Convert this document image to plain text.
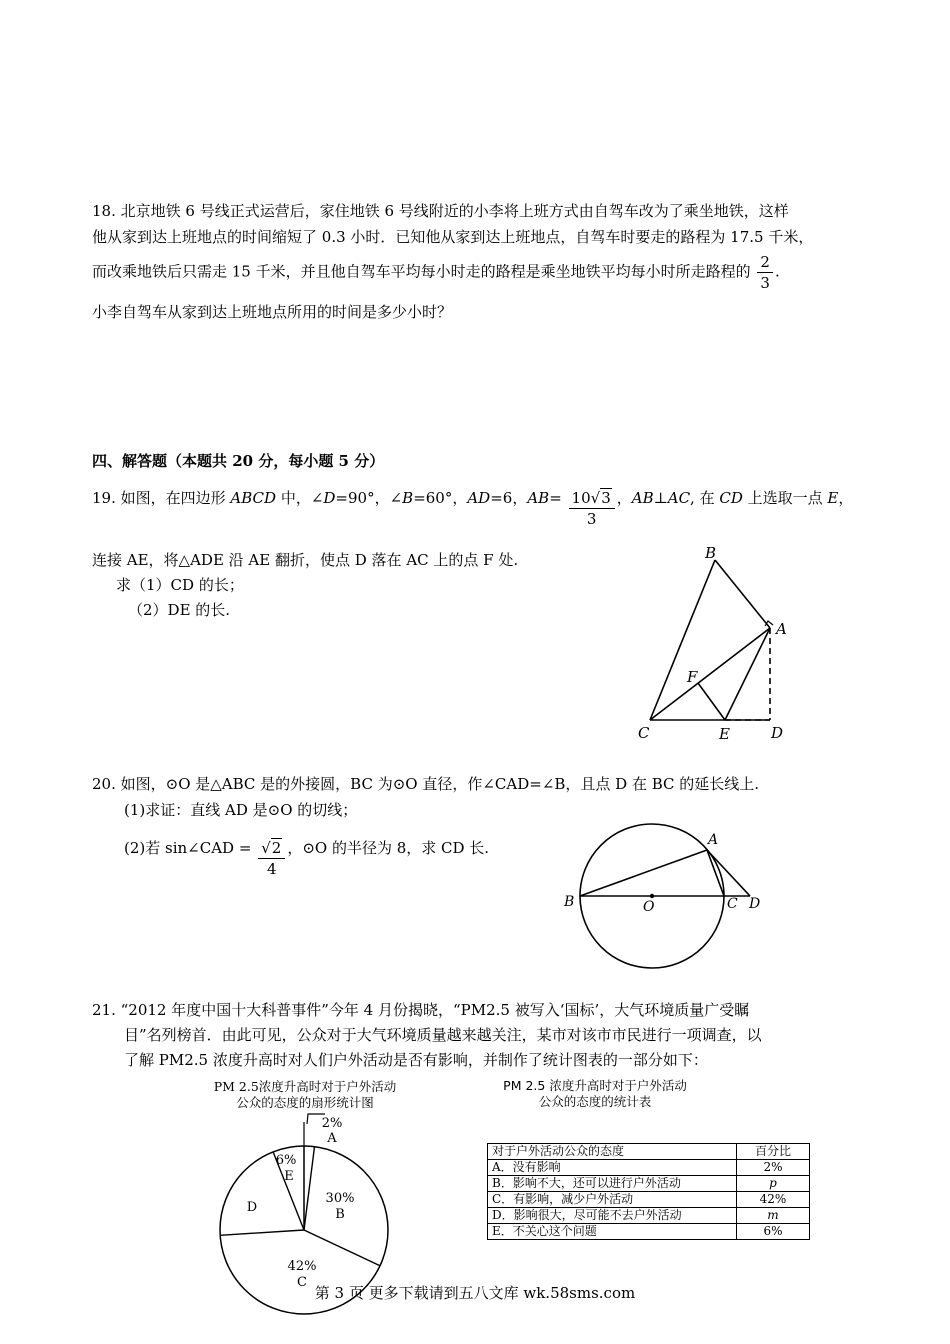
18. 北京地铁 6 号线正式运营后，家住地铁 6 号线附近的小李将上班方式由自驾车改为了乘坐地铁，这样
他从家到达上班地点的时间缩短了 0.3 小时．已知他从家到达上班地点，自驾车时要走的路程为 17.5 千米，
而改乘地铁后只需走 15 千米，并且他自驾车平均每小时走的路程是乘坐地铁平均每小时所走路程的 $\frac{2}{3}$ .
小李自驾车从家到达上班地点所用的时间是多少小时？
四、解答题（本题共 20 分，每小题 5 分）
19. 如图，在四边形 ABCD 中，∠D=90°，∠B=60°，AD=6，$AB= \frac{10√3}{3}$ ，AB⊥AC, 在 CD 上选取一点 E，
连接 AE，将△ADE 沿 AE 翻折，使点 D 落在 AC 上的点 F 处.
求（1）CD 的长；
（2）DE 的长.
B
A
F
C	E	D
20. 如图，⊙O 是△ABC 是的外接圆，BC 为⊙O 直径，作∠CAD=∠B，且点 D 在 BC 的延长线上.
(1)求证：直线 AD 是⊙O 的切线；
(2)若 sin∠CAD = $\frac{√2}{4}$ ，⊙O 的半径为 8，求 CD 长.	A
B	O	C D
21. “2012 年度中国十大科普事件”今年 4 月份揭晓，“PM2.5 被写入‘国标’，大气环境质量广受瞩
目”名列榜首．由此可见，公众对于大气环境质量越来越关注，某市对该市市民进行一项调查，以
了解 PM2.5 浓度升高时对人们户外活动是否有影响，并制作了统计图表的一部分如下：
PM 2.5浓度升高时对于户外活动
公众的态度的扇形统计图
2%
A
30%
B
42%
C
D
6%
E
PM 2.5 浓度升高时对于户外活动
公众的态度的统计表
对于户外活动公众的态度	百分比
A．没有影响	2%
B．影响不大，还可以进行户外活动	p
C．有影响，减少户外活动	42%
D．影响很大，尽可能不去户外活动	m
E．不关心这个问题	6%
第 3 页 更多下载请到五八文库 wk.58sms.com
